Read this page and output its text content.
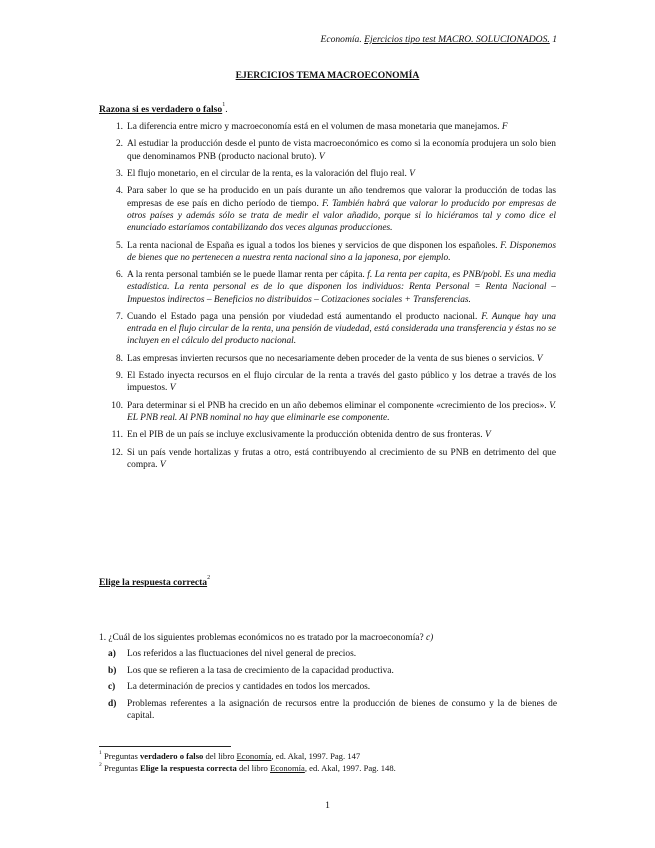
Economía. Ejercicios tipo test MACRO. SOLUCIONADOS. 1
EJERCICIOS TEMA MACROECONOMÍA
Razona si es verdadero o falso$^1$.
1. La diferencia entre micro y macroeconomía está en el volumen de masa monetaria que manejamos. F
2. Al estudiar la producción desde el punto de vista macroeconómico es como si la economía produjera un solo bien que denominamos PNB (producto nacional bruto). V
3. El flujo monetario, en el circular de la renta, es la valoración del flujo real. V
4. Para saber lo que se ha producido en un país durante un año tendremos que valorar la producción de todas las empresas de ese país en dicho período de tiempo. F. También habrá que valorar lo producido por empresas de otros países y además sólo se trata de medir el valor añadido, porque si lo hiciéramos tal y como dice el enunciado estaríamos contabilizando dos veces algunas producciones.
5. La renta nacional de España es igual a todos los bienes y servicios de que disponen los españoles. F. Disponemos de bienes que no pertenecen a nuestra renta nacional sino a la japonesa, por ejemplo.
6. A la renta personal también se le puede llamar renta per cápita. f. La renta per capita, es PNB/pobl. Es una media estadística. La renta personal es de lo que disponen los individuos: Renta Personal = Renta Nacional – Impuestos indirectos – Beneficios no distribuidos – Cotizaciones sociales + Transferencias.
7. Cuando el Estado paga una pensión por viudedad está aumentando el producto nacional. F. Aunque hay una entrada en el flujo circular de la renta, una pensión de viudedad, está considerada una transferencia y éstas no se incluyen en el cálculo del producto nacional.
8. Las empresas invierten recursos que no necesariamente deben proceder de la venta de sus bienes o servicios. V
9. El Estado inyecta recursos en el flujo circular de la renta a través del gasto público y los detrae a través de los impuestos. V
10. Para determinar si el PNB ha crecido en un año debemos eliminar el componente «crecimiento de los precios». V. EL PNB real. Al PNB nominal no hay que eliminarle ese componente.
11. En el PIB de un país se incluye exclusivamente la producción obtenida dentro de sus fronteras. V
12. Si un país vende hortalizas y frutas a otro, está contribuyendo al crecimiento de su PNB en detrimento del que compra. V
Elige la respuesta correcta$^2$
1. ¿Cuál de los siguientes problemas económicos no es tratado por la macroeconomía? c)
a) Los referidos a las fluctuaciones del nivel general de precios.
b) Los que se refieren a la tasa de crecimiento de la capacidad productiva.
c) La determinación de precios y cantidades en todos los mercados.
d) Problemas referentes a la asignación de recursos entre la producción de bienes de consumo y la de bienes de capital.
$^1$ Preguntas verdadero o falso del libro Economía, ed. Akal, 1997. Pag. 147
$^2$ Preguntas Elige la respuesta correcta del libro Economía, ed. Akal, 1997. Pag. 148.
1
